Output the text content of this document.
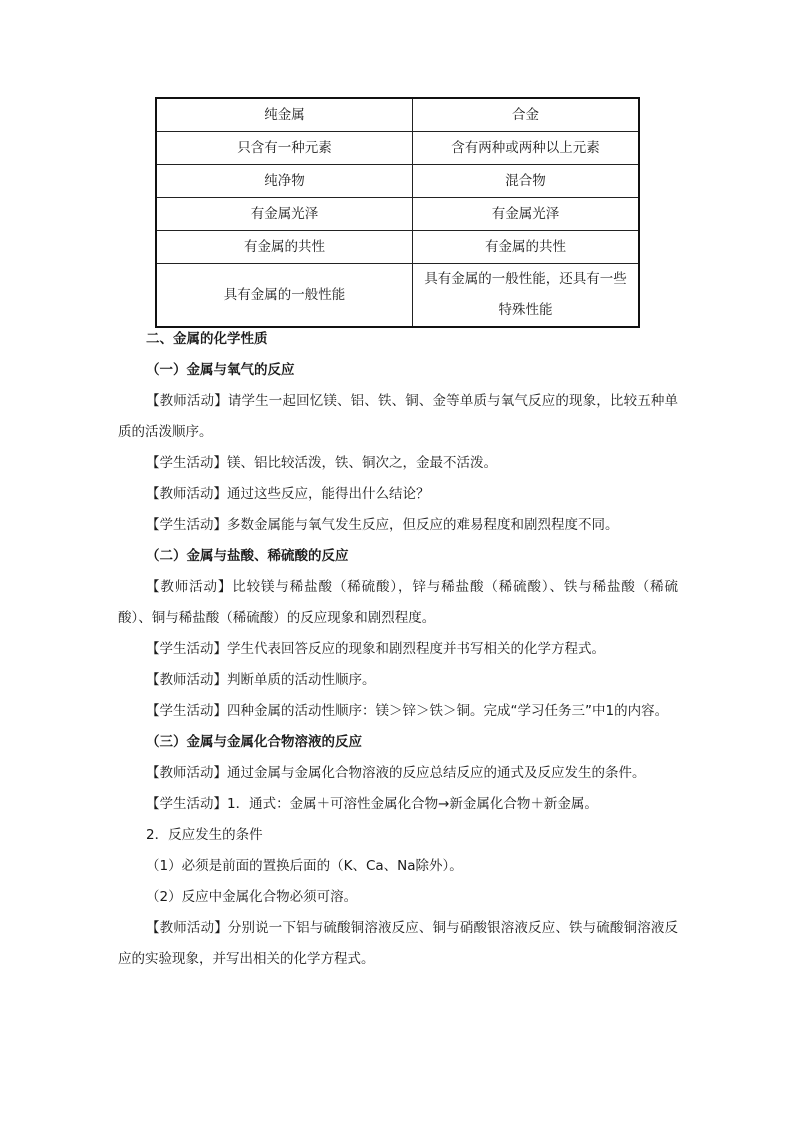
纯金属	合金
只含有一种元素	含有两种或两种以上元素
纯净物	混合物
有金属光泽	有金属光泽
有金属的共性	有金属的共性
具有金属的一般性能	具有金属的一般性能，还具有一些特殊性能

二、金属的化学性质

（一）金属与氧气的反应

【教师活动】请学生一起回忆镁、铝、铁、铜、金等单质与氧气反应的现象，比较五种单质的活泼顺序。

【学生活动】镁、铝比较活泼，铁、铜次之，金最不活泼。

【教师活动】通过这些反应，能得出什么结论？

【学生活动】多数金属能与氧气发生反应，但反应的难易程度和剧烈程度不同。

（二）金属与盐酸、稀硫酸的反应

【教师活动】比较镁与稀盐酸（稀硫酸），锌与稀盐酸（稀硫酸）、铁与稀盐酸（稀硫酸）、铜与稀盐酸（稀硫酸）的反应现象和剧烈程度。

【学生活动】学生代表回答反应的现象和剧烈程度并书写相关的化学方程式。

【教师活动】判断单质的活动性顺序。

【学生活动】四种金属的活动性顺序：镁＞锌＞铁＞铜。完成“学习任务三”中1的内容。

（三）金属与金属化合物溶液的反应

【教师活动】通过金属与金属化合物溶液的反应总结反应的通式及反应发生的条件。

【学生活动】1．通式：金属＋可溶性金属化合物→新金属化合物＋新金属。

2．反应发生的条件

（1）必须是前面的置换后面的（K、Ca、Na除外）。

（2）反应中金属化合物必须可溶。

【教师活动】分别说一下铝与硫酸铜溶液反应、铜与硝酸银溶液反应、铁与硫酸铜溶液反应的实验现象，并写出相关的化学方程式。
